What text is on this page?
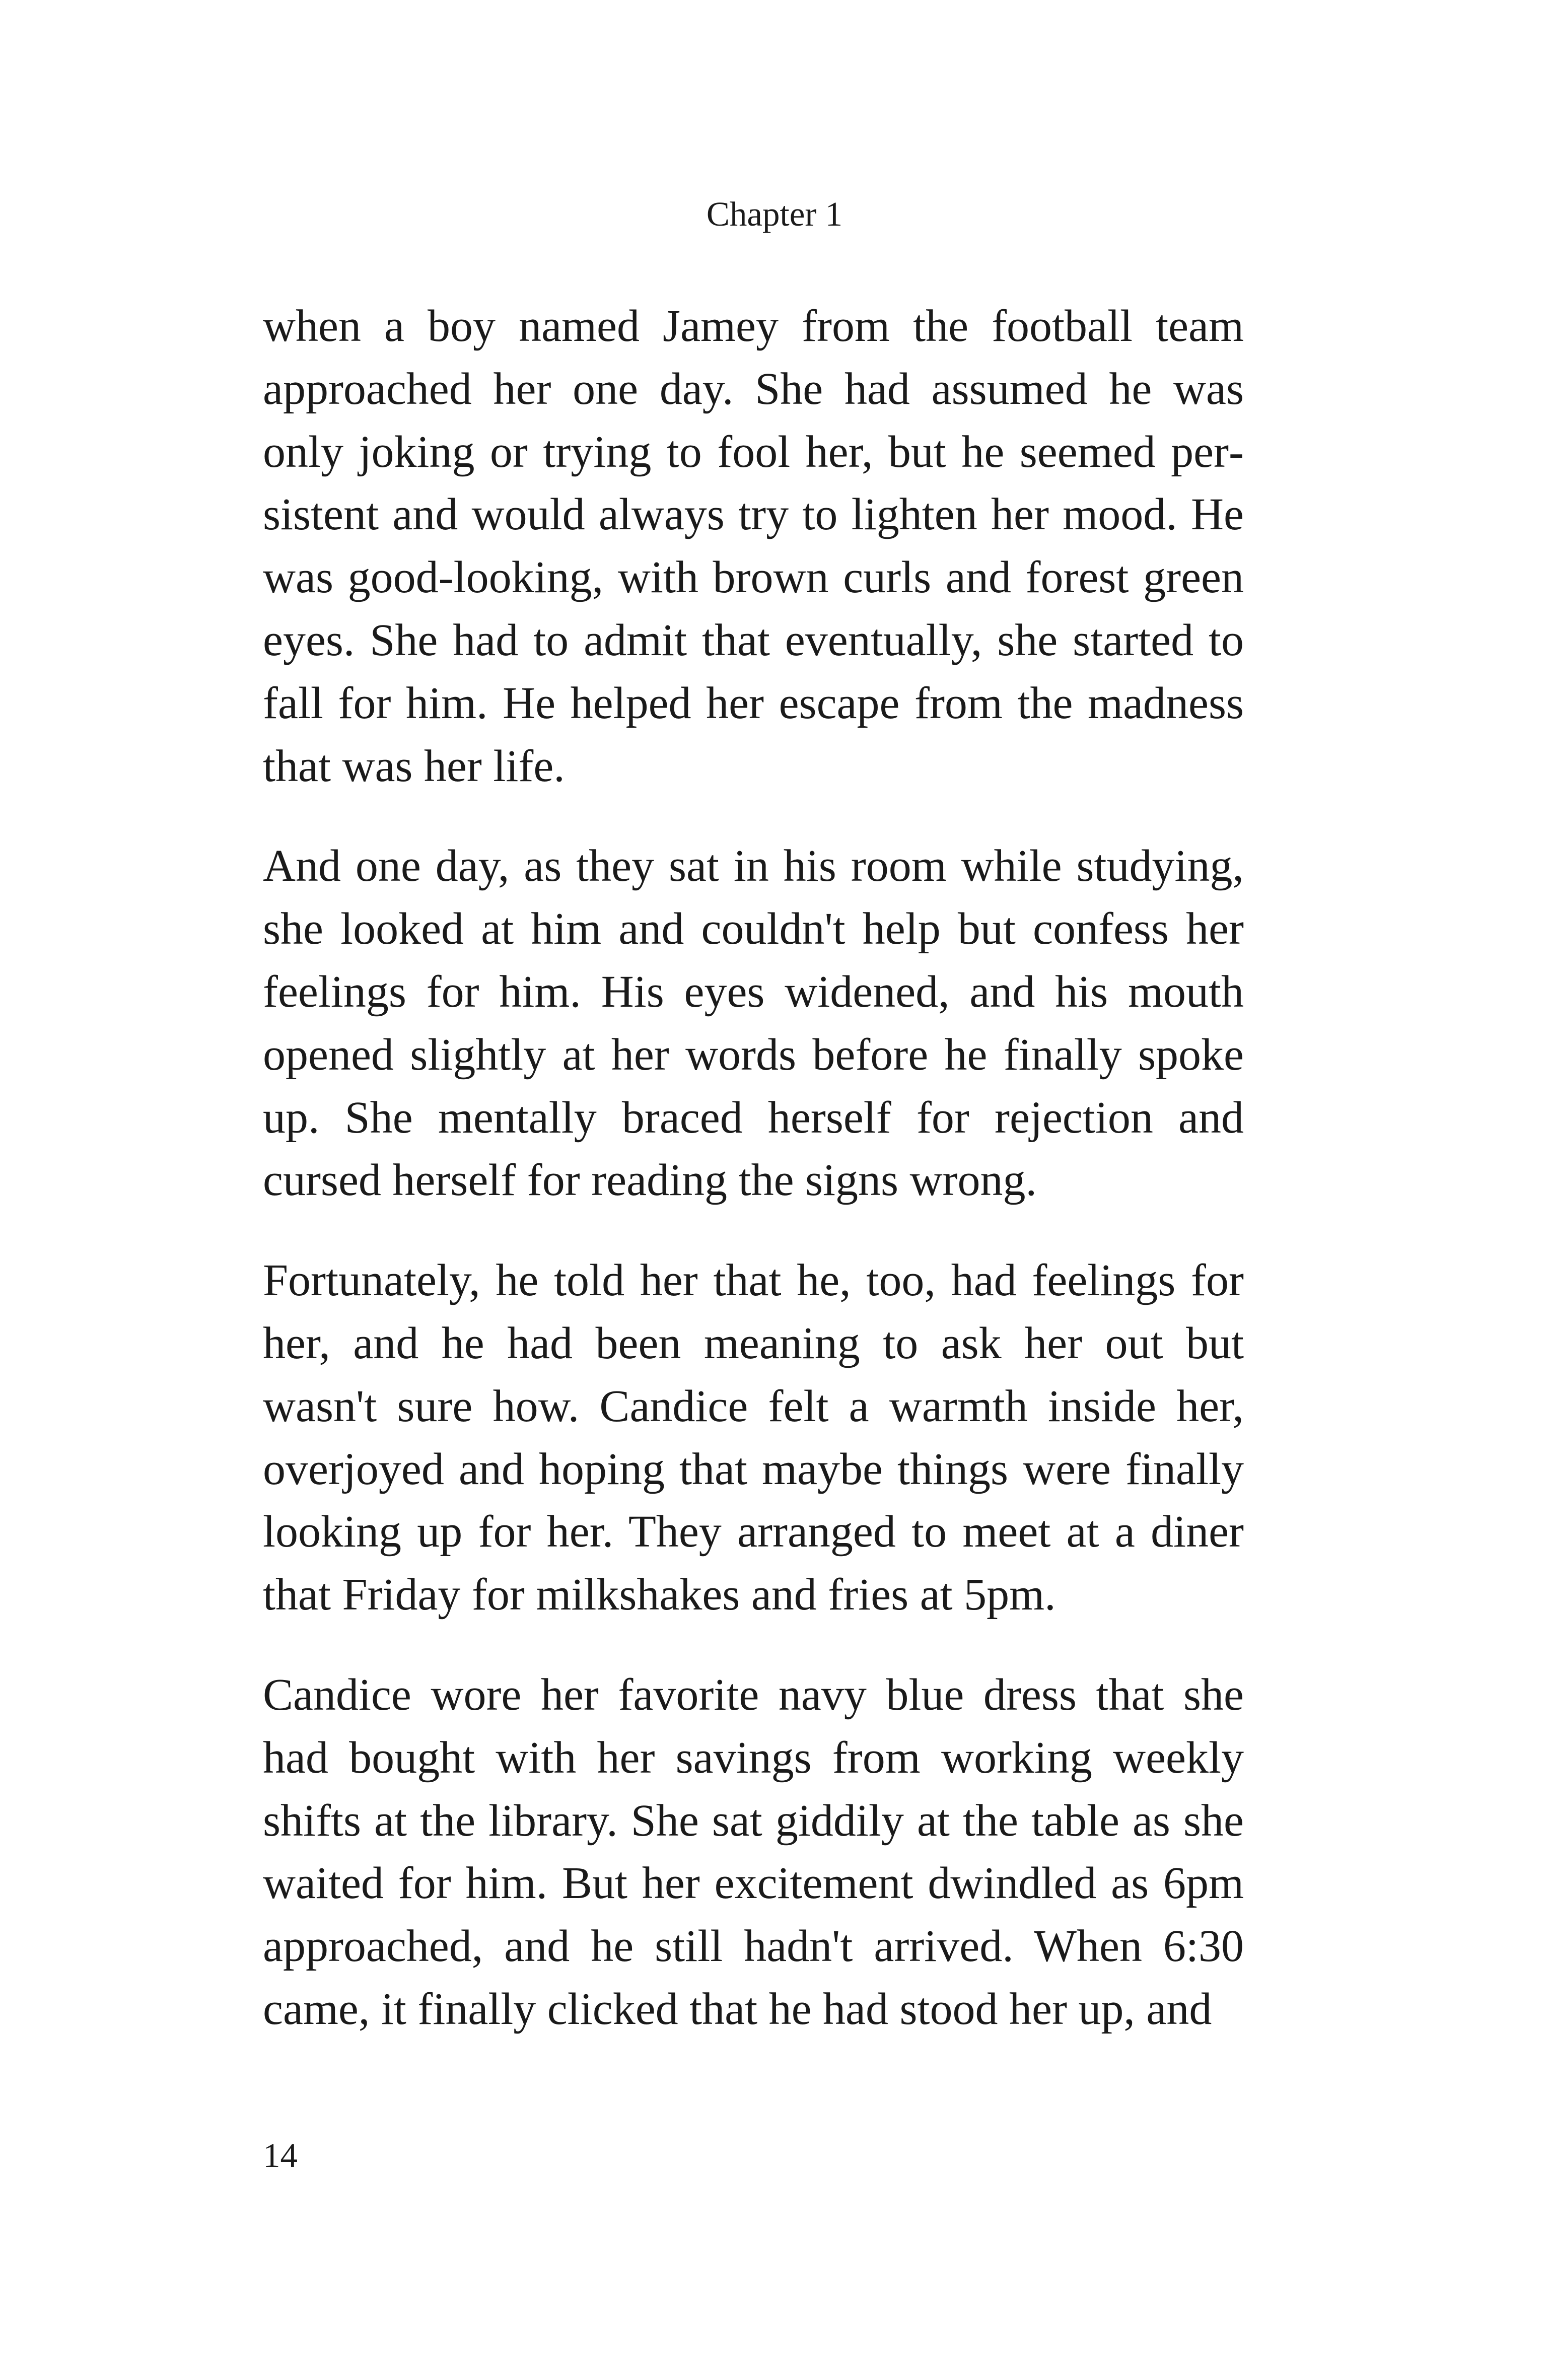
Chapter 1

when a boy named Jamey from the football team approached her one day. She had assumed he was only joking or trying to fool her, but he seemed persistent and would always try to lighten her mood. He was good-looking, with brown curls and forest green eyes. She had to admit that eventually, she started to fall for him. He helped her escape from the madness that was her life.

And one day, as they sat in his room while studying, she looked at him and couldn't help but confess her feelings for him. His eyes widened, and his mouth opened slightly at her words before he finally spoke up. She mentally braced herself for rejection and cursed herself for reading the signs wrong.

Fortunately, he told her that he, too, had feelings for her, and he had been meaning to ask her out but wasn't sure how. Candice felt a warmth inside her, overjoyed and hoping that maybe things were finally looking up for her. They arranged to meet at a diner that Friday for milkshakes and fries at 5pm.

Candice wore her favorite navy blue dress that she had bought with her savings from working weekly shifts at the library. She sat giddily at the table as she waited for him. But her excitement dwindled as 6pm approached, and he still hadn't arrived. When 6:30 came, it finally clicked that he had stood her up, and

14
